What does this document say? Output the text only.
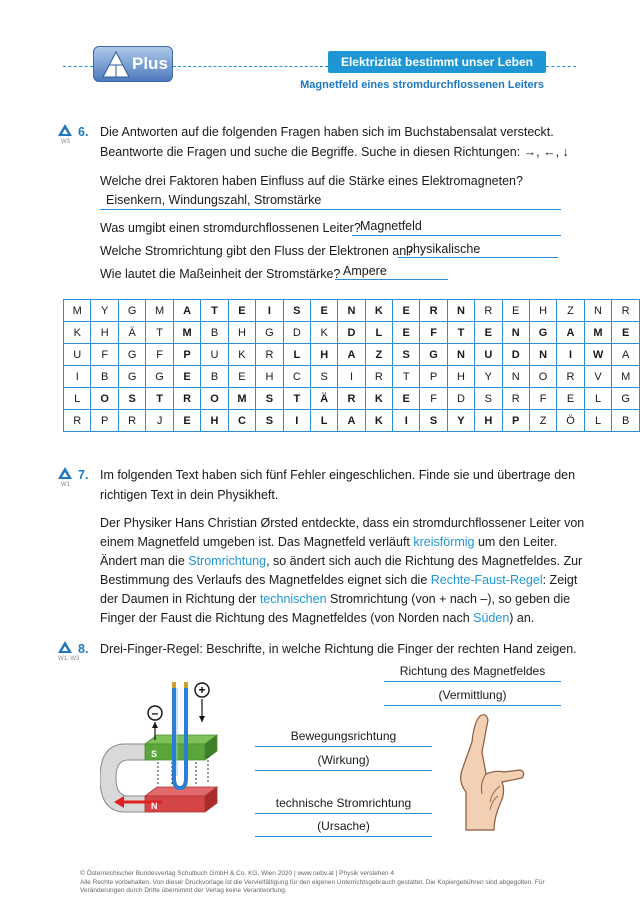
Plus	Elektrizität bestimmt unser Leben
Magnetfeld eines stromdurchflossenen Leiters
W3
6. Die Antworten auf die folgenden Fragen haben sich im Buchstabensalat versteckt.
Beantworte die Fragen und suche die Begriffe. Suche in diesen Richtungen: →, ←, ↓
Welche drei Faktoren haben Einfluss auf die Stärke eines Elektromagneten?
Eisenkern, Windungszahl, Stromstärke
Was umgibt einen stromdurchflossenen Leiter? Magnetfeld
Welche Stromrichtung gibt den Fluss der Elektronen an?
physikalische
Wie lautet die Maßeinheit der Stromstärke? Ampere
M	Y	G	M	A	T	E	I	S	E	N	K	E	R	N	R	E	H	Z	N	R
K	H	Ä	T	M	B	H	G	D	K	D	L	E	F	T	E	N	G	A	M	E
U	F	G	F	P	U	K	R	L	H	A	Z	S	G	N	U	D	N	I	W	A
I	B	G	G	E	B	E	H	C	S	I	R	T	P	H	Y	N	O	R	V	M
L	O	S	T	R	O	M	S	T	Ä	R	K	E	F	D	S	R	F	E	L	G
R	P	R	J	E	H	C	S	I	L	A	K	I	S	Y	H	P	Z	Ö	L	B
W1
7. Im folgenden Text haben sich fünf Fehler eingeschlichen. Finde sie und übertrage den
richtigen Text in dein Physikheft.
Der Physiker Hans Christian Ørsted entdeckte, dass ein stromdurchflossener Leiter von
einem Magnetfeld umgeben ist. Das Magnetfeld verläuft kreisförmig um den Leiter.
Ändert man die Stromrichtung, so ändert sich auch die Richtung des Magnetfeldes. Zur
Bestimmung des Verlaufs des Magnetfeldes eignet sich die Rechte-Faust-Regel: Zeigt
der Daumen in Richtung der technischen Stromrichtung (von + nach –), so geben die
Finger der Faust die Richtung des Magnetfeldes (von Norden nach Süden) an.
W1, W3
8. Drei-Finger-Regel: Beschrifte, in welche Richtung die Finger der rechten Hand zeigen.
Richtung des Magnetfeldes
(Vermittlung)
Bewegungsrichtung
(Wirkung)
technische Stromrichtung
(Ursache)
–
+
S
N
© Österreichischer Bundesverlag Schulbuch GmbH & Co. KG, Wien 2020 | www.oebv.at | Physik verstehen 4
Alle Rechte vorbehalten. Von dieser Druckvorlage ist die Vervielfältigung für den eigenen Unterrichtsgebrauch gestattet. Die Kopiergebühren sind abgegolten. Für
Veränderungen durch Dritte übernimmt der Verlag keine Verantwortung.
